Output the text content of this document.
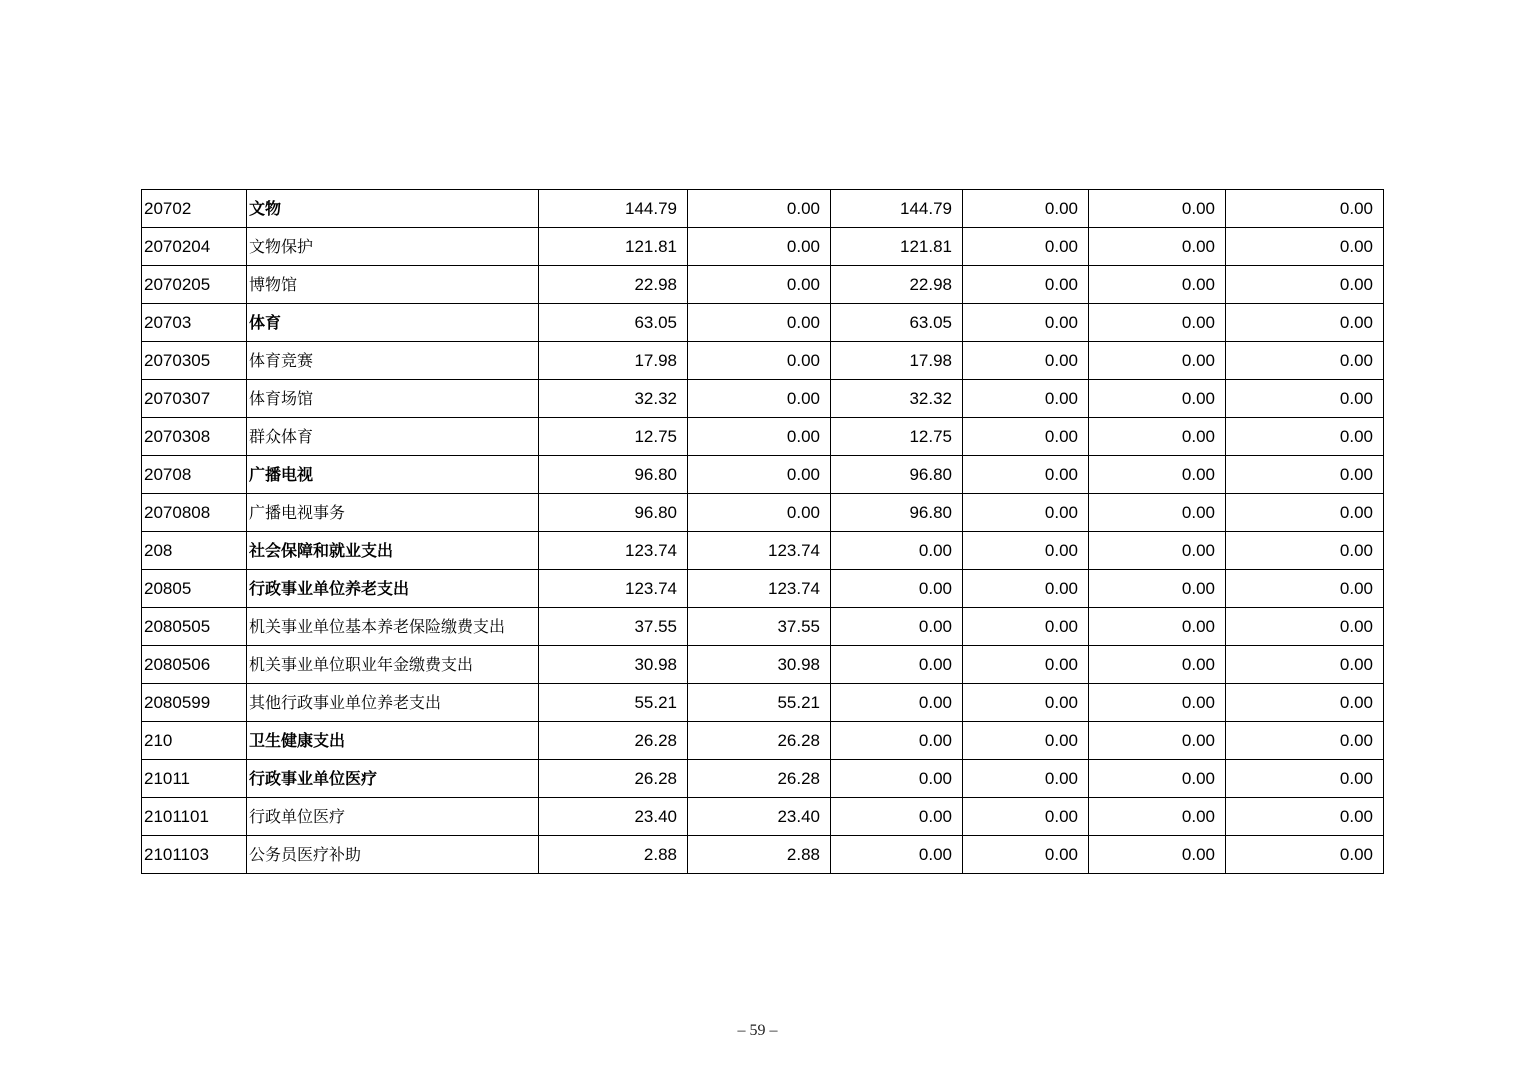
20702	文物	144.79	0.00	144.79	0.00	0.00	0.00
2070204	文物保护	121.81	0.00	121.81	0.00	0.00	0.00
2070205	博物馆	22.98	0.00	22.98	0.00	0.00	0.00
20703	体育	63.05	0.00	63.05	0.00	0.00	0.00
2070305	体育竞赛	17.98	0.00	17.98	0.00	0.00	0.00
2070307	体育场馆	32.32	0.00	32.32	0.00	0.00	0.00
2070308	群众体育	12.75	0.00	12.75	0.00	0.00	0.00
20708	广播电视	96.80	0.00	96.80	0.00	0.00	0.00
2070808	广播电视事务	96.80	0.00	96.80	0.00	0.00	0.00
208	社会保障和就业支出	123.74	123.74	0.00	0.00	0.00	0.00
20805	行政事业单位养老支出	123.74	123.74	0.00	0.00	0.00	0.00
2080505	机关事业单位基本养老保险缴费支出	37.55	37.55	0.00	0.00	0.00	0.00
2080506	机关事业单位职业年金缴费支出	30.98	30.98	0.00	0.00	0.00	0.00
2080599	其他行政事业单位养老支出	55.21	55.21	0.00	0.00	0.00	0.00
210	卫生健康支出	26.28	26.28	0.00	0.00	0.00	0.00
21011	行政事业单位医疗	26.28	26.28	0.00	0.00	0.00	0.00
2101101	行政单位医疗	23.40	23.40	0.00	0.00	0.00	0.00
2101103	公务员医疗补助	2.88	2.88	0.00	0.00	0.00	0.00
– 59 –
